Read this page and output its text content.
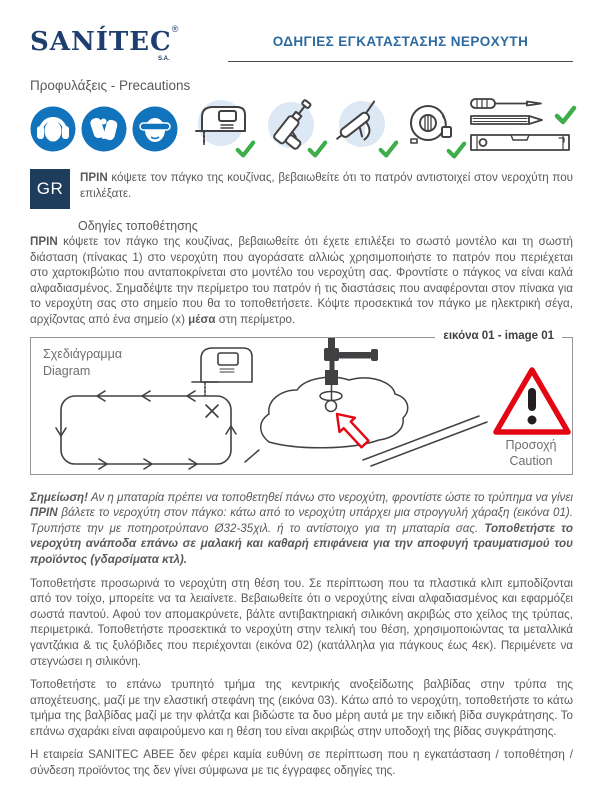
SANÍTEC®
S.A.
ΟΔΗΓΙΕΣ ΕΓΚΑΤΑΣΤΑΣΗΣ ΝΕΡΟΧΥΤΗ
Προφυλάξεις - Precautions
GR
ΠΡΙΝ κόψετε τον πάγκο της κουζίνας, βεβαιωθείτε ότι το πατρόν αντιστοιχεί στον νεροχύτη που επιλέξατε.
Οδηγίες τοποθέτησης

ΠΡΙΝ κόψετε τον πάγκο της κουζίνας, βεβαιωθείτε ότι έχετε επιλέξει το σωστό μοντέλο και τη σωστή διάσταση (πίνακας 1) στο νεροχύτη που αγοράσατε αλλιώς χρησιμοποιήστε το πατρόν που περιέχεται στο χαρτοκιβώτιο που ανταποκρίνεται στο μοντέλο του νεροχύτη σας. Φροντίστε ο πάγκος να είναι καλά αλφαδιασμένος. Σημαδέψτε την περίμετρο του πατρόν ή τις διαστάσεις που αναφέρονται στον πίνακα για το νεροχύτη σας στο σημείο που θα το τοποθετήσετε. Κόψτε προσεκτικά τον πάγκο με ηλεκτρική σέγα, αρχίζοντας από ένα σημείο (x) μέσα στη περίμετρο.

εικόνα 01 - image 01
Σχεδιάγραμμα
Diagram
Προσοχή
Caution

Σημείωση! Αν η μπαταρία πρέπει να τοποθετηθεί πάνω στο νεροχύτη, φροντίστε ώστε το τρύπημα να γίνει ΠΡΙΝ βάλετε το νεροχύτη στον πάγκο: κάτω από το νεροχύτη υπάρχει μια στρογγυλή χάραξη (εικόνα 01). Τρυπήστε την με ποτηροτρύπανο Ø32-35χιλ. ή το αντίστοιχο για τη μπαταρία σας. Τοποθετήστε το νεροχύτη ανάποδα επάνω σε μαλακή και καθαρή επιφάνεια για την αποφυγή τραυματισμού του προϊόντος (γδαρσίματα κτλ).

Τοποθετήστε προσωρινά το νεροχύτη στη θέση του. Σε περίπτωση που τα πλαστικά κλιπ εμποδίζονται από τον τοίχο, μπορείτε να τα λειαίνετε. Βεβαιωθείτε ότι ο νεροχύτης είναι αλφαδιασμένος και εφαρμόζει σωστά παντού. Αφού τον απομακρύνετε, βάλτε αντιβακτηριακή σιλικόνη ακριβώς στο χείλος της τρύπας, περιμετρικά. Τοποθετήστε προσεκτικά το νεροχύτη στην τελική του θέση, χρησιμοποιώντας τα μεταλλικά γαντζάκια & τις ξυλόβιδες που περιέχονται (εικόνα 02) (κατάλληλα για πάγκους έως 4εκ). Περιμένετε να στεγνώσει η σιλικόνη.

Τοποθετήστε το επάνω τρυπητό τμήμα της κεντρικής ανοξείδωτης βαλβίδας στην τρύπα της αποχέτευσης, μαζί με την ελαστική στεφάνη της (εικόνα 03). Κάτω από το νεροχύτη, τοποθετήστε το κάτω τμήμα της βαλβίδας μαζί με την φλάτζα και βιδώστε τα δυο μέρη αυτά με την ειδική βίδα συγκράτησης. Το επάνω σχαράκι είναι αφαιρούμενο και η θέση του είναι ακριβώς στην υποδοχή της βίδας συγκράτησης.

Η εταιρεία SANITEC ΑΒΕΕ δεν φέρει καμία ευθύνη σε περίπτωση που η εγκατάσταση / τοποθέτηση / σύνδεση προϊόντος της δεν γίνει σύμφωνα με τις έγγραφες οδηγίες της.
